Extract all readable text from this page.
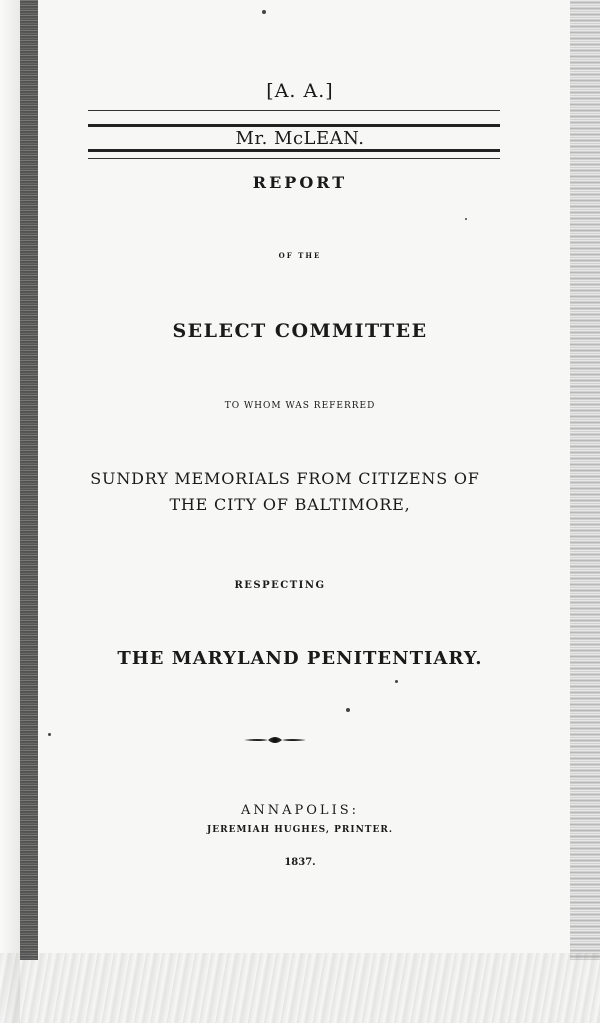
[A. A.]
Mr. McLEAN.
REPORT
OF THE
SELECT COMMITTEE
TO WHOM WAS REFERRED
SUNDRY MEMORIALS FROM CITIZENS OF
THE CITY OF BALTIMORE,
RESPECTING
THE MARYLAND PENITENTIARY.
ANNAPOLIS:
JEREMIAH HUGHES, PRINTER.
1837.
